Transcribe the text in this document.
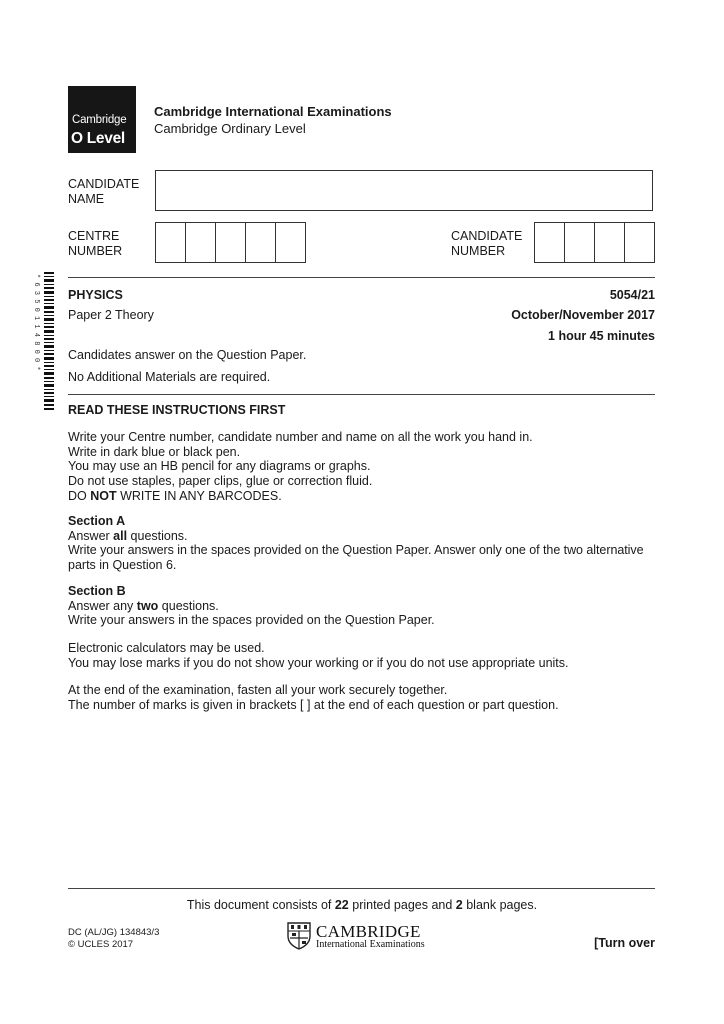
Cambridge
O Level
Cambridge International Examinations
Cambridge Ordinary Level
CANDIDATE
NAME
CENTRE
NUMBER
CANDIDATE
NUMBER
* 6 3 5 0 1 1 4 8 0 0 * PHYSICS	5054/21
Paper 2 Theory	October/November 2017
1 hour 45 minutes
Candidates answer on the Question Paper.
No Additional Materials are required.
READ THESE INSTRUCTIONS FIRST
Write your Centre number, candidate number and name on all the work you hand in.
Write in dark blue or black pen.
You may use an HB pencil for any diagrams or graphs.
Do not use staples, paper clips, glue or correction fluid.
DO NOT WRITE IN ANY BARCODES.
Section A
Answer all questions.
Write your answers in the spaces provided on the Question Paper. Answer only one of the two alternative
parts in Question 6.
Section B
Answer any two questions.
Write your answers in the spaces provided on the Question Paper.
Electronic calculators may be used.
You may lose marks if you do not show your working or if you do not use appropriate units.
At the end of the examination, fasten all your work securely together.
The number of marks is given in brackets [ ] at the end of each question or part question.
This document consists of 22 printed pages and 2 blank pages.
DC (AL/JG) 134843/3
© UCLES 2017
CAMBRIDGE
International Examinations	[Turn over
